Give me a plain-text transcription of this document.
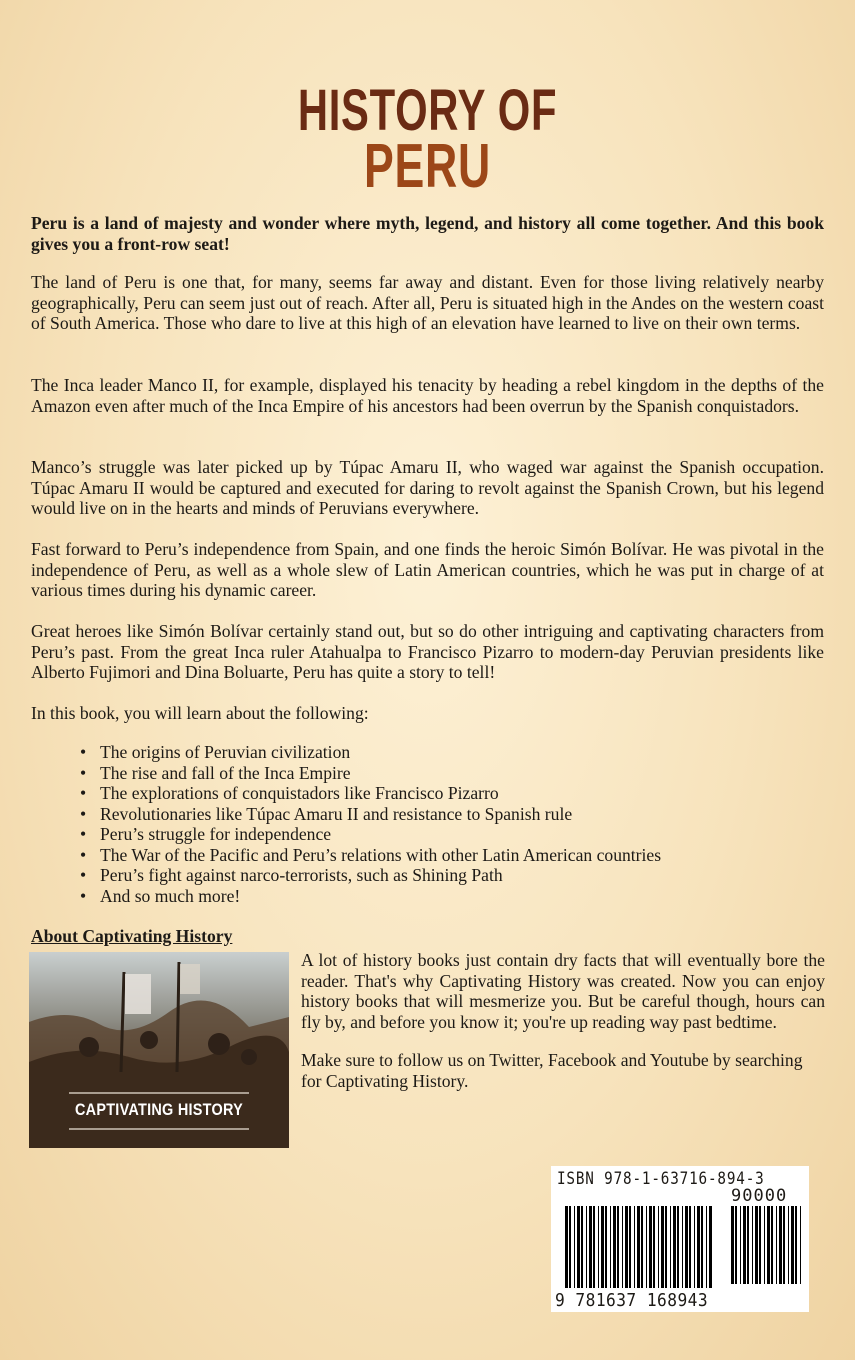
HISTORY OF
PERU
Peru is a land of majesty and wonder where myth, legend, and history all come together. And this book gives you a front-row seat!
The land of Peru is one that, for many, seems far away and distant. Even for those living relatively nearby geographically, Peru can seem just out of reach. After all, Peru is situated high in the Andes on the western coast of South America. Those who dare to live at this high of an elevation have learned to live on their own terms.
The Inca leader Manco II, for example, displayed his tenacity by heading a rebel kingdom in the depths of the Amazon even after much of the Inca Empire of his ancestors had been overrun by the Spanish conquistadors.
Manco’s struggle was later picked up by Túpac Amaru II, who waged war against the Spanish occupation. Túpac Amaru II would be captured and executed for daring to revolt against the Spanish Crown, but his legend would live on in the hearts and minds of Peruvians everywhere.
Fast forward to Peru’s independence from Spain, and one finds the heroic Simón Bolívar. He was pivotal in the independence of Peru, as well as a whole slew of Latin American countries, which he was put in charge of at various times during his dynamic career.
Great heroes like Simón Bolívar certainly stand out, but so do other intriguing and captivating characters from Peru’s past. From the great Inca ruler Atahualpa to Francisco Pizarro to modern-day Peruvian presidents like Alberto Fujimori and Dina Boluarte, Peru has quite a story to tell!
In this book, you will learn about the following:
• The origins of Peruvian civilization
• The rise and fall of the Inca Empire
• The explorations of conquistadors like Francisco Pizarro
• Revolutionaries like Túpac Amaru II and resistance to Spanish rule
• Peru’s struggle for independence
• The War of the Pacific and Peru’s relations with other Latin American countries
• Peru’s fight against narco-terrorists, such as Shining Path
• And so much more!
About Captivating History
CAPTIVATING HISTORY
A lot of history books just contain dry facts that will eventually bore the reader. That's why Captivating History was created. Now you can enjoy history books that will mesmerize you. But be careful though, hours can fly by, and before you know it; you're up reading way past bedtime.
Make sure to follow us on Twitter, Facebook and Youtube by searching for Captivating History.
ISBN 978-1-63716-894-3
90000
9 781637 168943
